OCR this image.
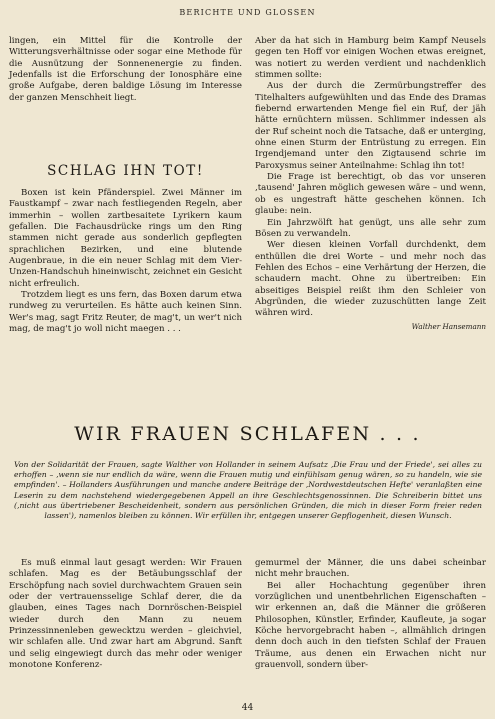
BERICHTE UND GLOSSEN

lingen, ein Mittel für die Kontrolle der Witterungsverhältnisse oder sogar eine Methode für die Ausnützung der Sonnenenergie zu finden. Jedenfalls ist die Erforschung der Ionosphäre eine große Aufgabe, deren baldige Lösung im Interesse der ganzen Menschheit liegt.

SCHLAG IHN TOT!

Boxen ist kein Pfänderspiel. Zwei Männer im Faustkampf – zwar nach festliegenden Regeln, aber immerhin – wollen zartbesaitete Lyrikern kaum gefallen. Die Fachausdrücke rings um den Ring stammen nicht gerade aus sonderlich gepflegten sprachlichen Bezirken, und eine blutende Augenbraue, in die ein neuer Schlag mit dem Vier-Unzen-Handschuh hineinwischt, zeichnet ein Gesicht nicht erfreulich.

Trotzdem liegt es uns fern, das Boxen darum etwa rundweg zu verurteilen. Es hätte auch keinen Sinn. Wer's mag, sagt Fritz Reuter, de mag't, un wer't nich mag, de mag't jo woll nicht maegen . . .

Aber da hat sich in Hamburg beim Kampf Neusels gegen ten Hoff vor einigen Wochen etwas ereignet, was notiert zu werden verdient und nachdenklich stimmen sollte:

Aus der durch die Zermürbungstreffer des Titelhalters aufgewühlten und das Ende des Dramas fiebernd erwartenden Menge fiel ein Ruf, der jäh hätte ernüchtern müssen. Schlimmer indessen als der Ruf scheint noch die Tatsache, daß er unterging, ohne einen Sturm der Entrüstung zu erregen. Ein Irgendjemand unter den Zigtausend schrie im Paroxysmus seiner Anteilnahme: Schlag ihn tot!

Die Frage ist berechtigt, ob das vor unseren ‚tausend' Jahren möglich gewesen wäre – und wenn, ob es ungestraft hätte geschehen können. Ich glaube: nein.

Ein Jahrzwölft hat genügt, uns alle sehr zum Bösen zu verwandeln.

Wer diesen kleinen Vorfall durchdenkt, dem enthüllen die drei Worte – und mehr noch das Fehlen des Echos – eine Verhärtung der Herzen, die schaudern macht. Ohne zu übertreiben: Ein abseitiges Beispiel reißt ihm den Schleier von Abgründen, die wieder zuzuschütten lange Zeit währen wird.

Walther Hansemann
WIR FRAUEN SCHLAFEN . . .
Von der Solidarität der Frauen, sagte Walther von Hollander in seinem Aufsatz ‚Die Frau und der Friede', sei alles zu erhoffen – ‚wenn sie nur endlich da wäre, wenn die Frauen mutig und einfühlsam genug wären, so zu handeln, wie sie empfinden'. – Hollanders Ausführungen und manche andere Beiträge der ‚Nordwestdeutschen Hefte' veranlaßten eine Leserin zu dem nachstehend wiedergegebenen Appell an ihre Geschlechtsgenossinnen. Die Schreiberin bittet uns (‚nicht aus übertriebener Bescheidenheit, sondern aus persönlichen Gründen, die mich in dieser Form freier reden lassen'), namenlos bleiben zu können. Wir erfüllen ihr, entgegen unserer Gepflogenheit, diesen Wunsch.

Es muß einmal laut gesagt werden: Wir Frauen schlafen. Mag es der Betäubungsschlaf der Erschöpfung nach soviel durchwachtem Grauen sein oder der vertrauensselige Schlaf derer, die da glauben, eines Tages nach Dornröschen-Beispiel wieder durch den Mann zu neuem Prinzessinnenleben gewecktzu werden – gleichviel, wir schlafen alle. Und zwar hart am Abgrund. Sanft und selig eingewiegt durch das mehr oder weniger monotone Konferenz-

gemurmel der Männer, die uns dabei scheinbar nicht mehr brauchen.

Bei aller Hochachtung gegenüber ihren vorzüglichen und unentbehrlichen Eigenschaften – wir erkennen an, daß die Männer die größeren Philosophen, Künstler, Erfinder, Kaufleute, ja sogar Köche hervorgebracht haben –, allmählich dringen denn doch auch in den tiefsten Schlaf der Frauen Träume, aus denen ein Erwachen nicht nur grauenvoll, sondern über-

44
